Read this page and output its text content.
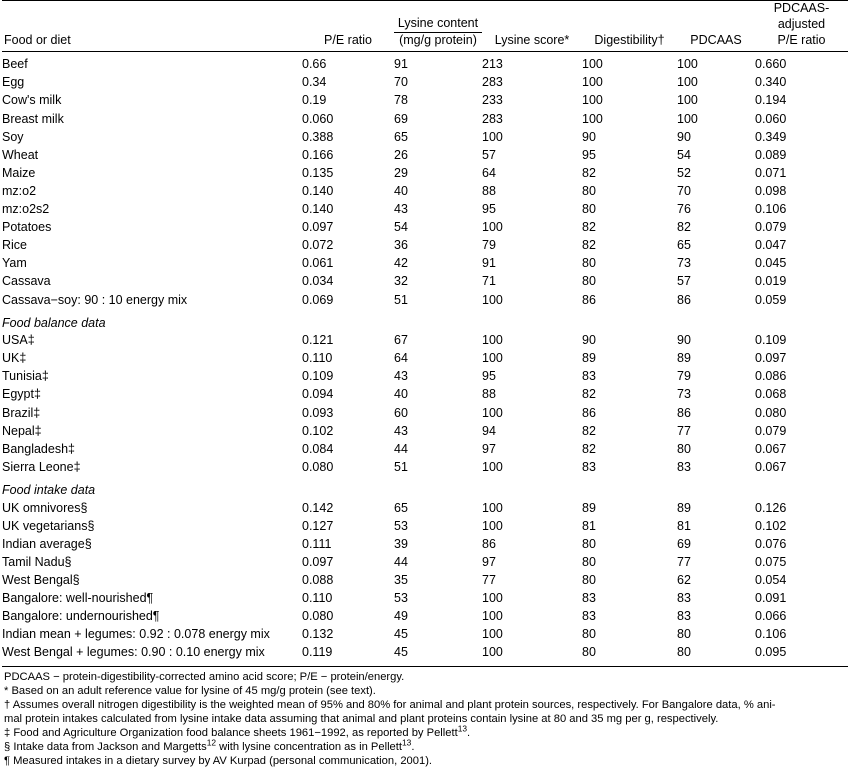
		Lysine content				PDCAAS-adjusted
Food or diet	P/E ratio	(mg/g protein)	Lysine score*	Digestibility†	PDCAAS	P/E ratio

Beef	0.66	91	213	100	100	0.660
Egg	0.34	70	283	100	100	0.340
Cow's milk	0.19	78	233	100	100	0.194
Breast milk	0.060	69	283	100	100	0.060
Soy	0.388	65	100	90	90	0.349
Wheat	0.166	26	57	95	54	0.089
Maize	0.135	29	64	82	52	0.071
mz:o2	0.140	40	88	80	70	0.098
mz:o2s2	0.140	43	95	80	76	0.106
Potatoes	0.097	54	100	82	82	0.079
Rice	0.072	36	79	82	65	0.047
Yam	0.061	42	91	80	73	0.045
Cassava	0.034	32	71	80	57	0.019
Cassava−soy: 90 : 10 energy mix	0.069	51	100	86	86	0.059
Food balance data						
USA‡	0.121	67	100	90	90	0.109
UK‡	0.110	64	100	89	89	0.097
Tunisia‡	0.109	43	95	83	79	0.086
Egypt‡	0.094	40	88	82	73	0.068
Brazil‡	0.093	60	100	86	86	0.080
Nepal‡	0.102	43	94	82	77	0.079
Bangladesh‡	0.084	44	97	82	80	0.067
Sierra Leone‡	0.080	51	100	83	83	0.067
Food intake data						
UK omnivores§	0.142	65	100	89	89	0.126
UK vegetarians§	0.127	53	100	81	81	0.102
Indian average§	0.111	39	86	80	69	0.076
Tamil Nadu§	0.097	44	97	80	77	0.075
West Bengal§	0.088	35	77	80	62	0.054
Bangalore: well-nourished¶	0.110	53	100	83	83	0.091
Bangalore: undernourished¶	0.080	49	100	83	83	0.066
Indian mean + legumes: 0.92 : 0.078 energy mix	0.132	45	100	80	80	0.106
West Bengal + legumes: 0.90 : 0.10 energy mix	0.119	45	100	80	80	0.095

PDCAAS − protein-digestibility-corrected amino acid score; P/E − protein/energy.
* Based on an adult reference value for lysine of 45 mg/g protein (see text).
† Assumes overall nitrogen digestibility is the weighted mean of 95% and 80% for animal and plant protein sources, respectively. For Bangalore data, % ani-
mal protein intakes calculated from lysine intake data assuming that animal and plant proteins contain lysine at 80 and 35 mg per g, respectively.
‡ Food and Agriculture Organization food balance sheets 1961−1992, as reported by Pellett$^{13}$.
§ Intake data from Jackson and Margetts$^{12}$ with lysine concentration as in Pellett$^{13}$.
¶ Measured intakes in a dietary survey by AV Kurpad (personal communication, 2001).
